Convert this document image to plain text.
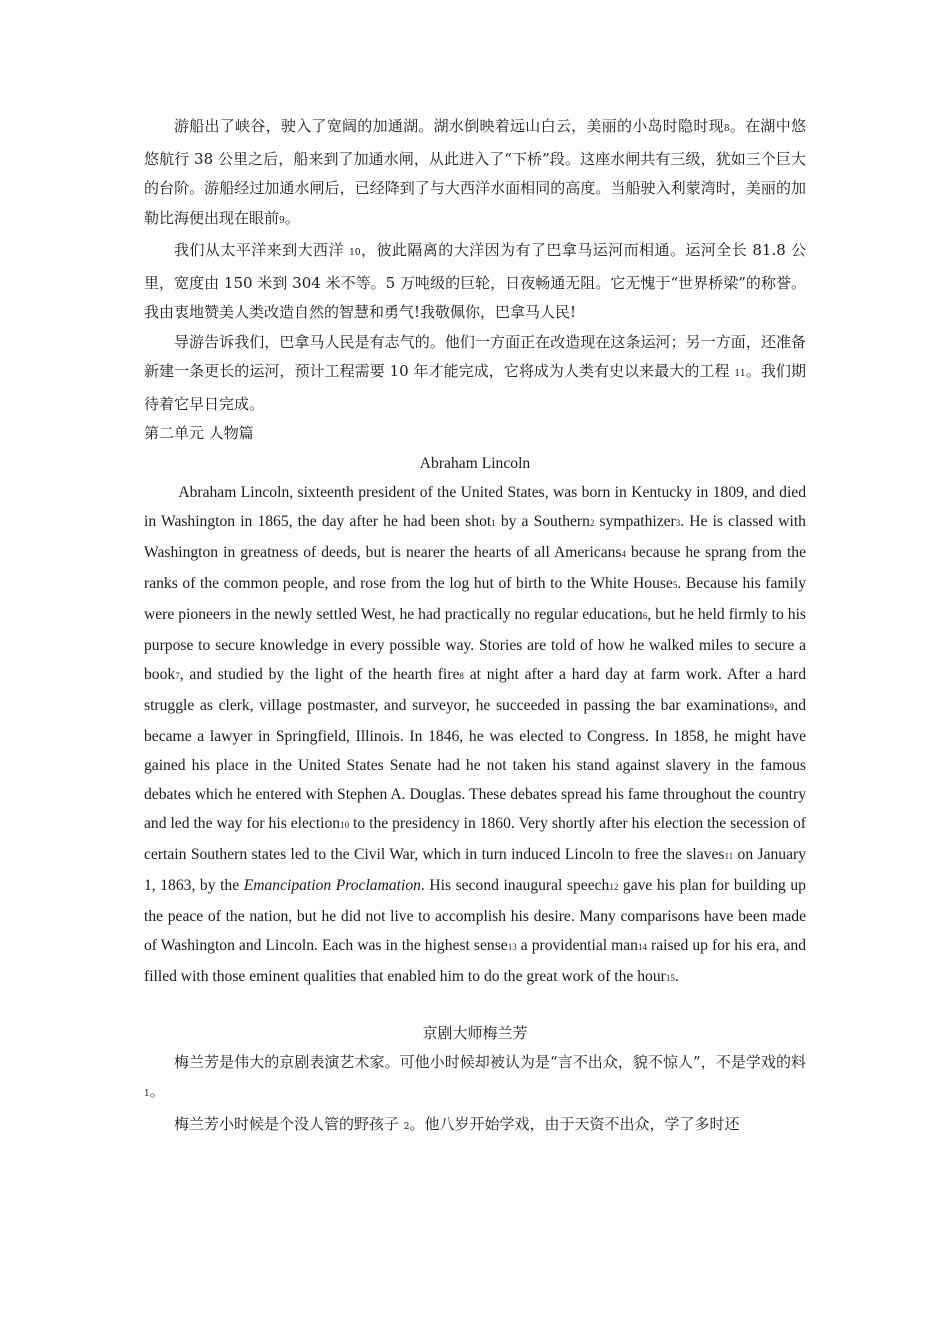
游船出了峡谷，驶入了宽阔的加通湖。湖水倒映着远山白云，美丽的小岛时隐时现8。在湖中悠悠航行 38 公里之后，船来到了加通水闸，从此进入了“下桥”段。这座水闸共有三级，犹如三个巨大的台阶。游船经过加通水闸后，已经降到了与大西洋水面相同的高度。当船驶入利蒙湾时，美丽的加勒比海便出现在眼前9。

我们从太平洋来到大西洋 10，彼此隔离的大洋因为有了巴拿马运河而相通。运河全长 81.8 公里，宽度由 150 米到 304 米不等。5 万吨级的巨轮，日夜畅通无阻。它无愧于“世界桥梁”的称誉。我由衷地赞美人类改造自然的智慧和勇气!我敬佩你，巴拿马人民!

导游告诉我们，巴拿马人民是有志气的。他们一方面正在改造现在这条运河；另一方面，还准备新建一条更长的运河，预计工程需要 10 年才能完成，它将成为人类有史以来最大的工程 11。我们期待着它早日完成。

第二单元 人物篇

Abraham Lincoln

Abraham Lincoln, sixteenth president of the United States, was born in Kentucky in 1809, and died in Washington in 1865, the day after he had been shot1 by a Southern2 sympathizer3. He is classed with Washington in greatness of deeds, but is nearer the hearts of all Americans4 because he sprang from the ranks of the common people, and rose from the log hut of birth to the White House5. Because his family were pioneers in the newly settled West, he had practically no regular education6, but he held firmly to his purpose to secure knowledge in every possible way. Stories are told of how he walked miles to secure a book7, and studied by the light of the hearth fire8 at night after a hard day at farm work. After a hard struggle as clerk, village postmaster, and surveyor, he succeeded in passing the bar examinations9, and became a lawyer in Springfield, Illinois. In 1846, he was elected to Congress. In 1858, he might have gained his place in the United States Senate had he not taken his stand against slavery in the famous debates which he entered with Stephen A. Douglas. These debates spread his fame throughout the country and led the way for his election10 to the presidency in 1860. Very shortly after his election the secession of certain Southern states led to the Civil War, which in turn induced Lincoln to free the slaves11 on January 1, 1863, by the Emancipation Proclamation. His second inaugural speech12 gave his plan for building up the peace of the nation, but he did not live to accomplish his desire. Many comparisons have been made of Washington and Lincoln. Each was in the highest sense13 a providential man14 raised up for his era, and filled with those eminent qualities that enabled him to do the great work of the hour15.

京剧大师梅兰芳

梅兰芳是伟大的京剧表演艺术家。可他小时候却被认为是“言不出众，貌不惊人”，不是学戏的料 1。

梅兰芳小时候是个没人管的野孩子 2。他八岁开始学戏，由于天资不出众，学了多时还
